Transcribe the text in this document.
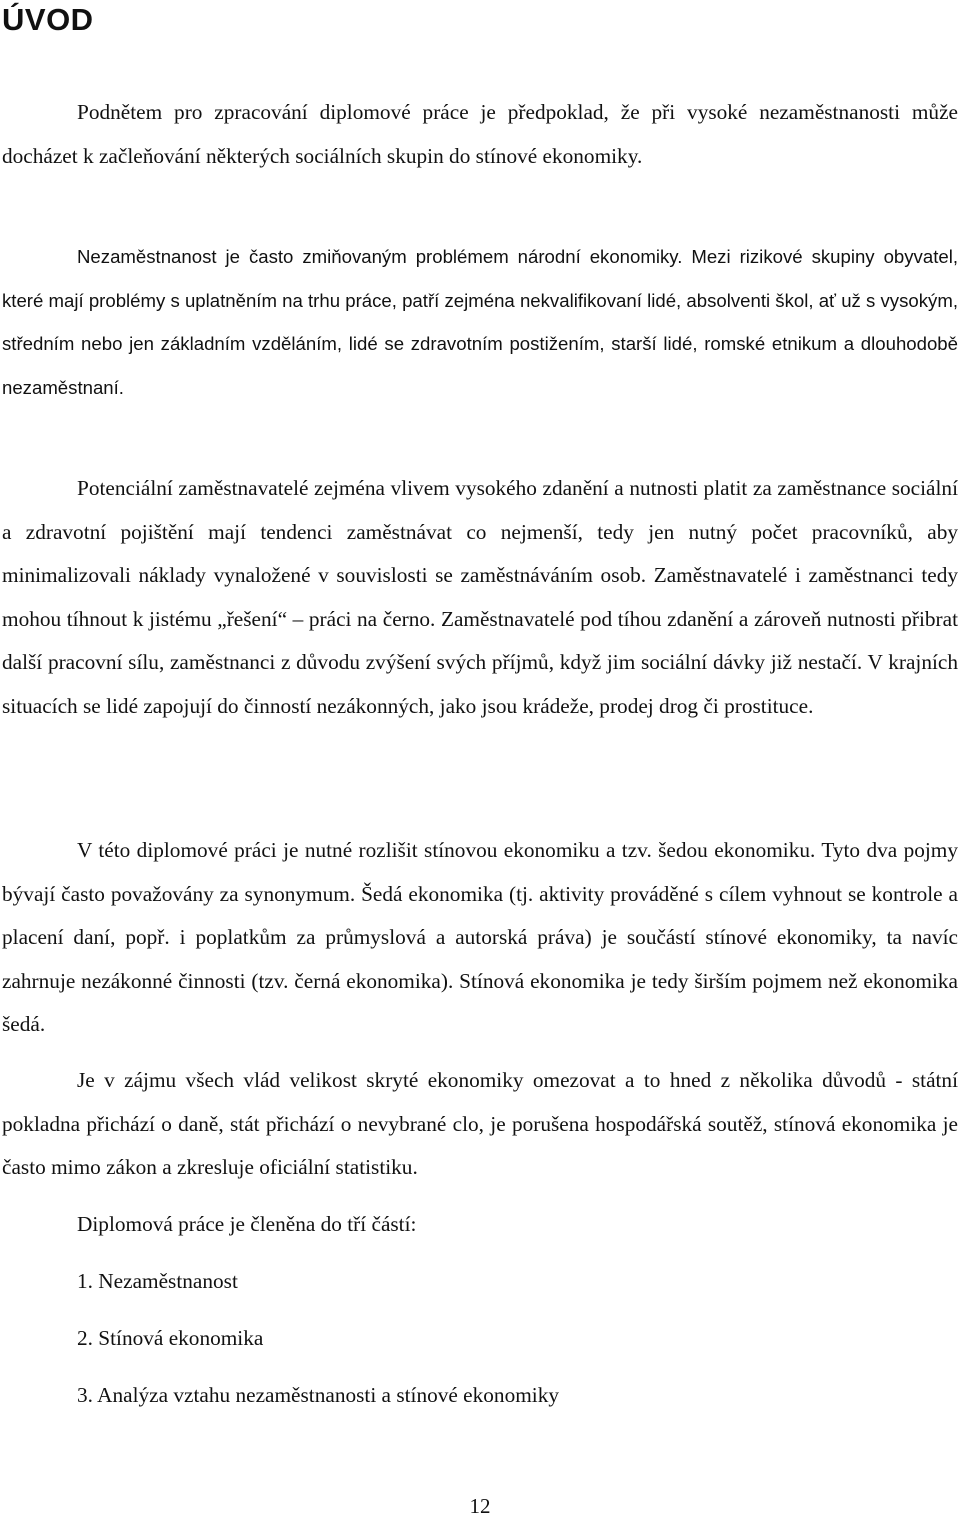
ÚVOD

Podnětem pro zpracování diplomové práce je předpoklad, že při vysoké nezaměstnanosti může docházet k začleňování některých sociálních skupin do stínové ekonomiky.

Nezaměstnanost je často zmiňovaným problémem národní ekonomiky. Mezi rizikové skupiny obyvatel, které mají problémy s uplatněním na trhu práce, patří zejména nekvalifikovaní lidé, absolventi škol, ať už s vysokým, středním nebo jen základním vzděláním, lidé se zdravotním postižením, starší lidé, romské etnikum a dlouhodobě nezaměstnaní.

Potenciální zaměstnavatelé zejména vlivem vysokého zdanění a nutnosti platit za zaměstnance sociální a zdravotní pojištění mají tendenci zaměstnávat co nejmenší, tedy jen nutný počet pracovníků, aby minimalizovali náklady vynaložené v souvislosti se zaměstnáváním osob. Zaměstnavatelé i zaměstnanci tedy mohou tíhnout k jistému „řešení“ – práci na černo. Zaměstnavatelé pod tíhou zdanění a zároveň nutnosti přibrat další pracovní sílu, zaměstnanci z důvodu zvýšení svých příjmů, když jim sociální dávky již nestačí. V krajních situacích se lidé zapojují do činností nezákonných, jako jsou krádeže, prodej drog či prostituce.

V této diplomové práci je nutné rozlišit stínovou ekonomiku a tzv. šedou ekonomiku. Tyto dva pojmy bývají často považovány za synonymum. Šedá ekonomika (tj. aktivity prováděné s cílem vyhnout se kontrole a placení daní, popř. i poplatkům za průmyslová a autorská práva) je součástí stínové ekonomiky, ta navíc zahrnuje nezákonné činnosti (tzv. černá ekonomika). Stínová ekonomika je tedy širším pojmem než ekonomika šedá.

Je v zájmu všech vlád velikost skryté ekonomiky omezovat a to hned z několika důvodů - státní pokladna přichází o daně, stát přichází o nevybrané clo, je porušena hospodářská soutěž, stínová ekonomika je často mimo zákon a zkresluje oficiální statistiku.

Diplomová práce je členěna do tří částí:

1. Nezaměstnanost
2. Stínová ekonomika
3. Analýza vztahu nezaměstnanosti a stínové ekonomiky
12
